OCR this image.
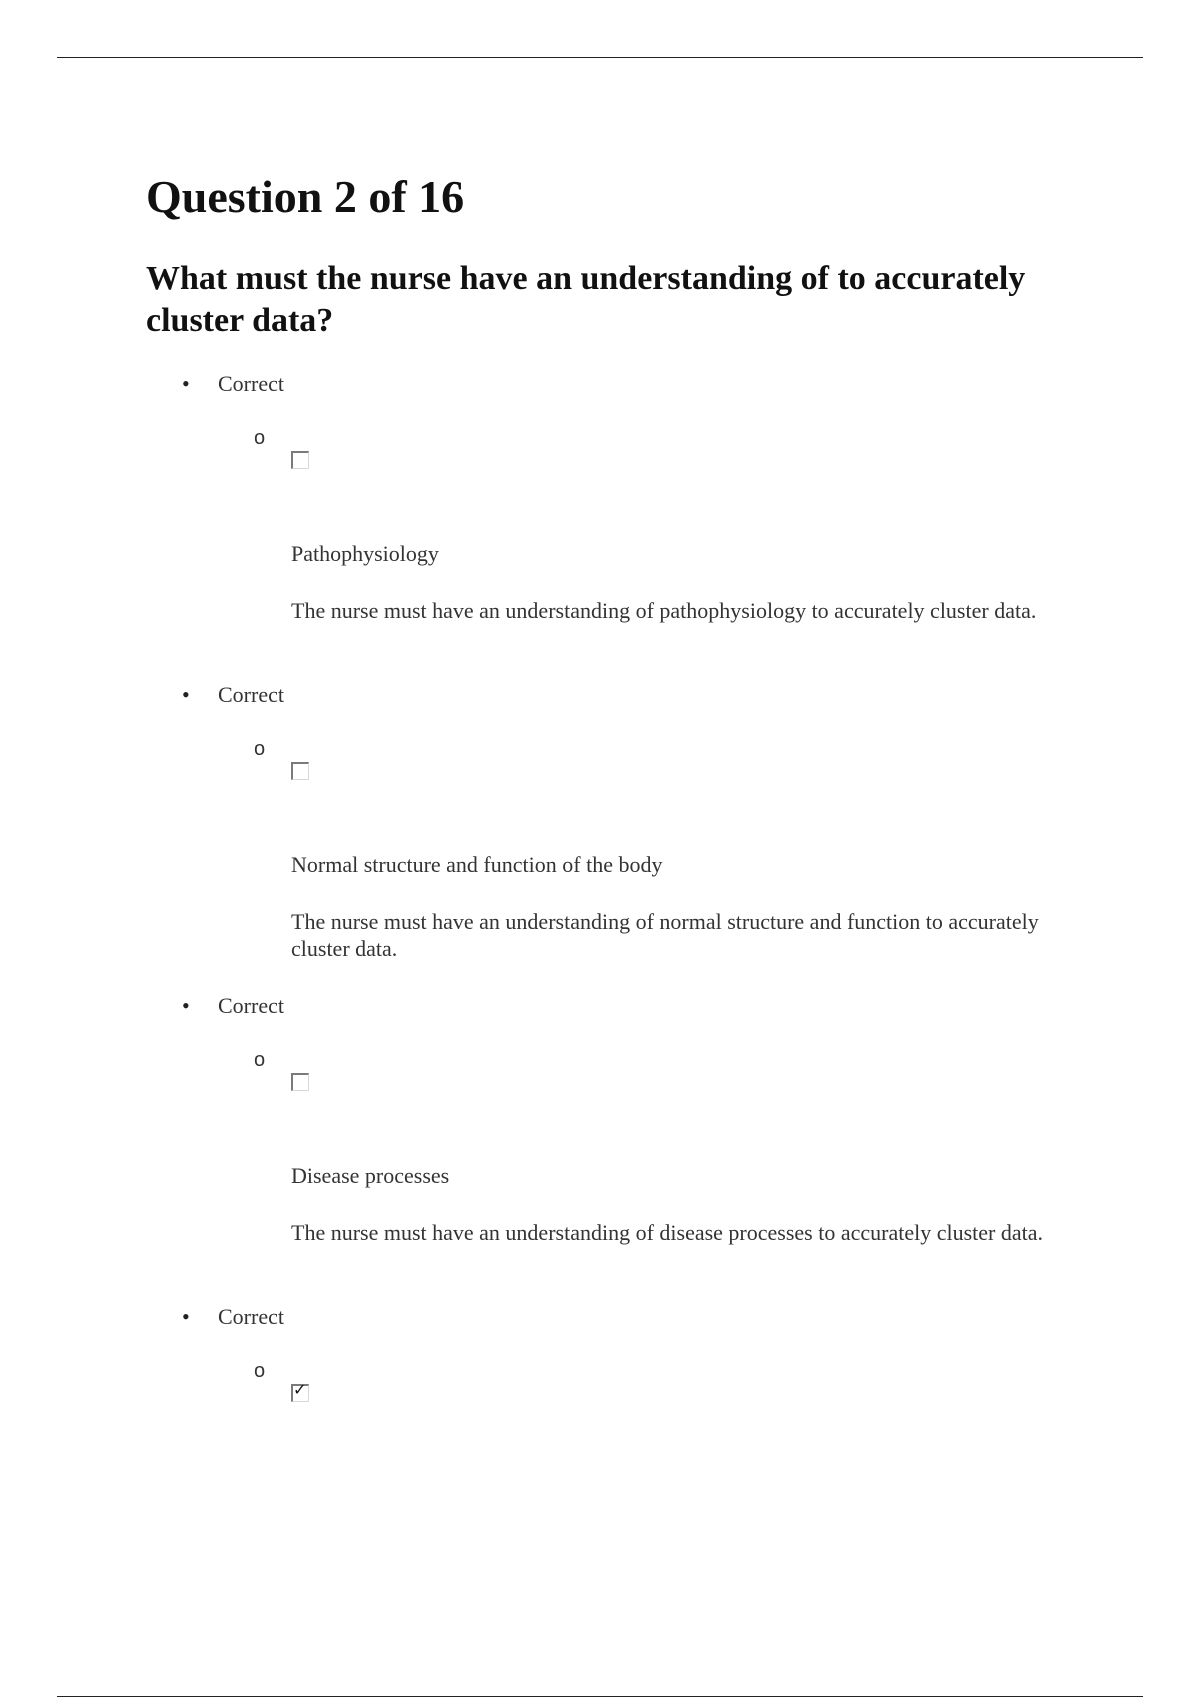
Question 2 of 16
What must the nurse have an understanding of to accurately cluster data?
• Correct
o
Pathophysiology
The nurse must have an understanding of pathophysiology to accurately cluster data.
• Correct
o
Normal structure and function of the body
The nurse must have an understanding of normal structure and function to accurately cluster data.
• Correct
o
Disease processes
The nurse must have an understanding of disease processes to accurately cluster data.
• Correct
o
✓
